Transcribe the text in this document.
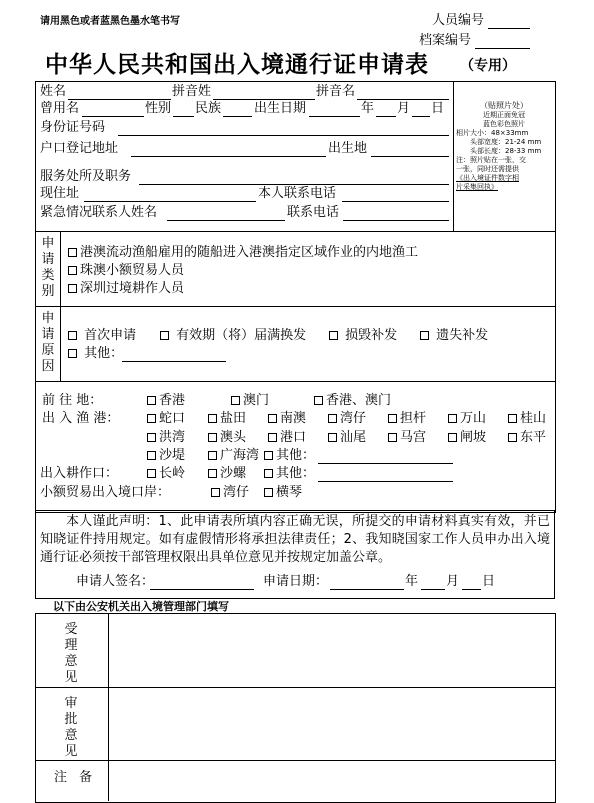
请用黑色或者蓝黑色墨水笔书写	人员编号
档案编号
中华人民共和国出入境通行证申请表 （专用）
姓名	拼音姓	拼音名
曾用名	性别 民族	出生日期	年 月 日
身份证号码
户口登记地址	出生地
服务处所及职务
现住址	本人联系电话
紧急情况联系人姓名	联系电话
（贴照片处）
近期正面免冠
蓝色彩色照片
相片大小：48×33mm
头部宽度：21-24 mm
头部长度：28-33 mm
注：照片贴在一张，交
一张，同时还需提供
《出入境证件数字相
片采集回执》
申请类别
港澳流动渔船雇用的随船进入港澳指定区域作业的内地渔工
珠澳小额贸易人员
深圳过境耕作人员
申请原因
首次申请	有效期（将）届满换发	损毁补发	遗失补发
其他：
前 往 地：	香港	澳门	香港、澳门
出 入 渔 港：	蛇口	盐田	南澳	湾仔	担杆	万山	桂山
洪湾	澳头	港口	汕尾	马宫	闸坡	东平
沙堤	广海湾	其他：
出入耕作口：	长岭	沙螺	其他：
小额贸易出入境口岸：	湾仔	横琴
本人谨此声明：1、此申请表所填内容正确无误，所提交的申请材料真实有效，并已知晓证件持用规定。如有虚假情形将承担法律责任；2、我知晓国家工作人员申办出入境通行证必须按干部管理权限出具单位意见并按规定加盖公章。
申请人签名：	申请日期：	年 月 日
以下由公安机关出入境管理部门填写
受理意见
审批意见
注 备
